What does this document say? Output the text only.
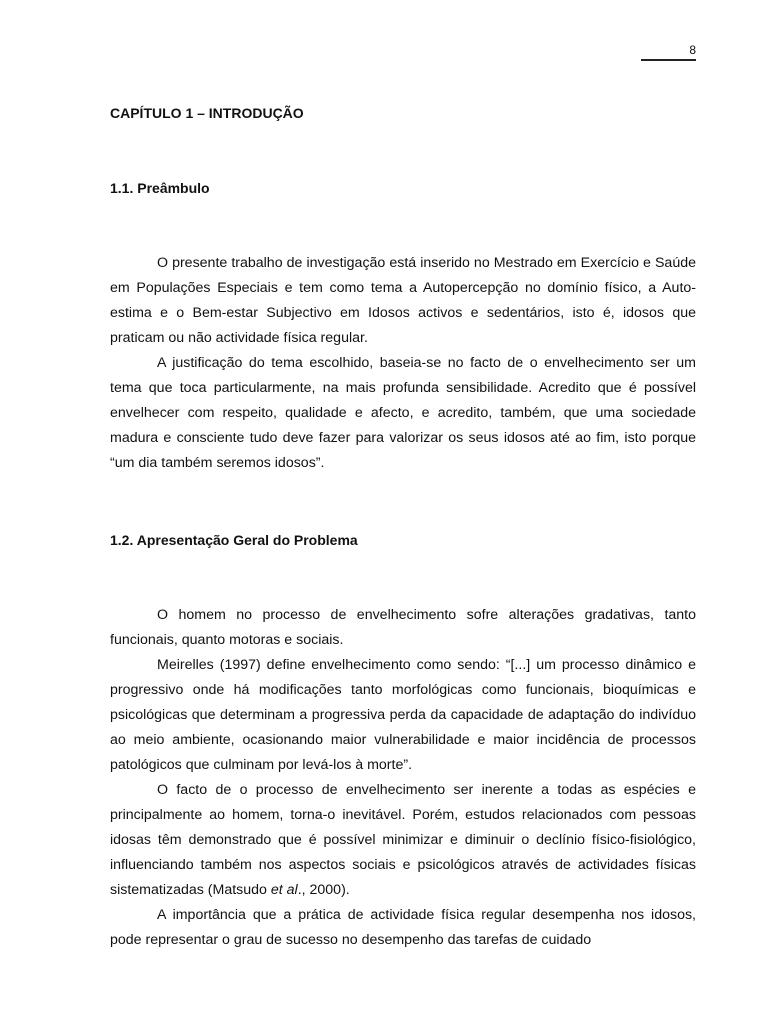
8
CAPÍTULO 1 – INTRODUÇÃO
1.1. Preâmbulo

O presente trabalho de investigação está inserido no Mestrado em Exercício e Saúde em Populações Especiais e tem como tema a Autopercepção no domínio físico, a Auto-estima e o Bem-estar Subjectivo em Idosos activos e sedentários, isto é, idosos que praticam ou não actividade física regular.

A justificação do tema escolhido, baseia-se no facto de o envelhecimento ser um tema que toca particularmente, na mais profunda sensibilidade. Acredito que é possível envelhecer com respeito, qualidade e afecto, e acredito, também, que uma sociedade madura e consciente tudo deve fazer para valorizar os seus idosos até ao fim, isto porque “um dia também seremos idosos”.

1.2. Apresentação Geral do Problema

O homem no processo de envelhecimento sofre alterações gradativas, tanto funcionais, quanto motoras e sociais.

Meirelles (1997) define envelhecimento como sendo: “[...] um processo dinâmico e progressivo onde há modificações tanto morfológicas como funcionais, bioquímicas e psicológicas que determinam a progressiva perda da capacidade de adaptação do indivíduo ao meio ambiente, ocasionando maior vulnerabilidade e maior incidência de processos patológicos que culminam por levá-los à morte”.

O facto de o processo de envelhecimento ser inerente a todas as espécies e principalmente ao homem, torna-o inevitável. Porém, estudos relacionados com pessoas idosas têm demonstrado que é possível minimizar e diminuir o declínio físico-fisiológico, influenciando também nos aspectos sociais e psicológicos através de actividades físicas sistematizadas (Matsudo et al., 2000).

A importância que a prática de actividade física regular desempenha nos idosos, pode representar o grau de sucesso no desempenho das tarefas de cuidado
